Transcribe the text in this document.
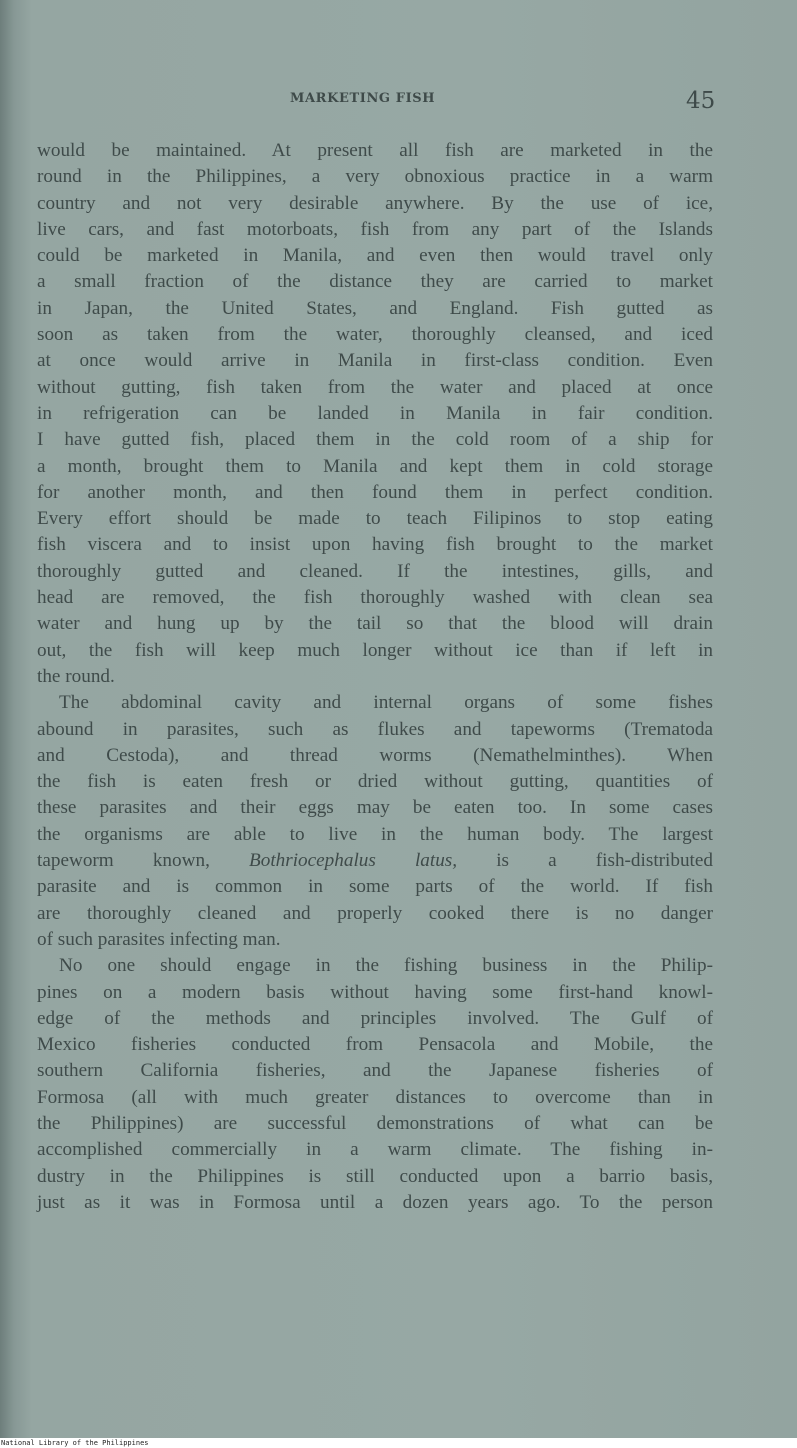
MARKETING FISH	45
would be maintained. At present all fish are marketed in the
round in the Philippines, a very obnoxious practice in a warm
country and not very desirable anywhere. By the use of ice,
live cars, and fast motorboats, fish from any part of the Islands
could be marketed in Manila, and even then would travel only
a small fraction of the distance they are carried to market
in Japan, the United States, and England. Fish gutted as
soon as taken from the water, thoroughly cleansed, and iced
at once would arrive in Manila in first-class condition. Even
without gutting, fish taken from the water and placed at once
in refrigeration can be landed in Manila in fair condition.
I have gutted fish, placed them in the cold room of a ship for
a month, brought them to Manila and kept them in cold storage
for another month, and then found them in perfect condition.
Every effort should be made to teach Filipinos to stop eating
fish viscera and to insist upon having fish brought to the market
thoroughly gutted and cleaned. If the intestines, gills, and
head are removed, the fish thoroughly washed with clean sea
water and hung up by the tail so that the blood will drain
out, the fish will keep much longer without ice than if left in
the round.
The abdominal cavity and internal organs of some fishes
abound in parasites, such as flukes and tapeworms (Trematoda
and Cestoda), and thread worms (Nemathelminthes). When
the fish is eaten fresh or dried without gutting, quantities of
these parasites and their eggs may be eaten too. In some cases
the organisms are able to live in the human body. The largest
tapeworm known, Bothriocephalus latus, is a fish-distributed
parasite and is common in some parts of the world. If fish
are thoroughly cleaned and properly cooked there is no danger
of such parasites infecting man.
No one should engage in the fishing business in the Philip-
pines on a modern basis without having some first-hand knowl-
edge of the methods and principles involved. The Gulf of
Mexico fisheries conducted from Pensacola and Mobile, the
southern California fisheries, and the Japanese fisheries of
Formosa (all with much greater distances to overcome than in
the Philippines) are successful demonstrations of what can be
accomplished commercially in a warm climate. The fishing in-
dustry in the Philippines is still conducted upon a barrio basis,
just as it was in Formosa until a dozen years ago. To the person
National Library of the Philippines
